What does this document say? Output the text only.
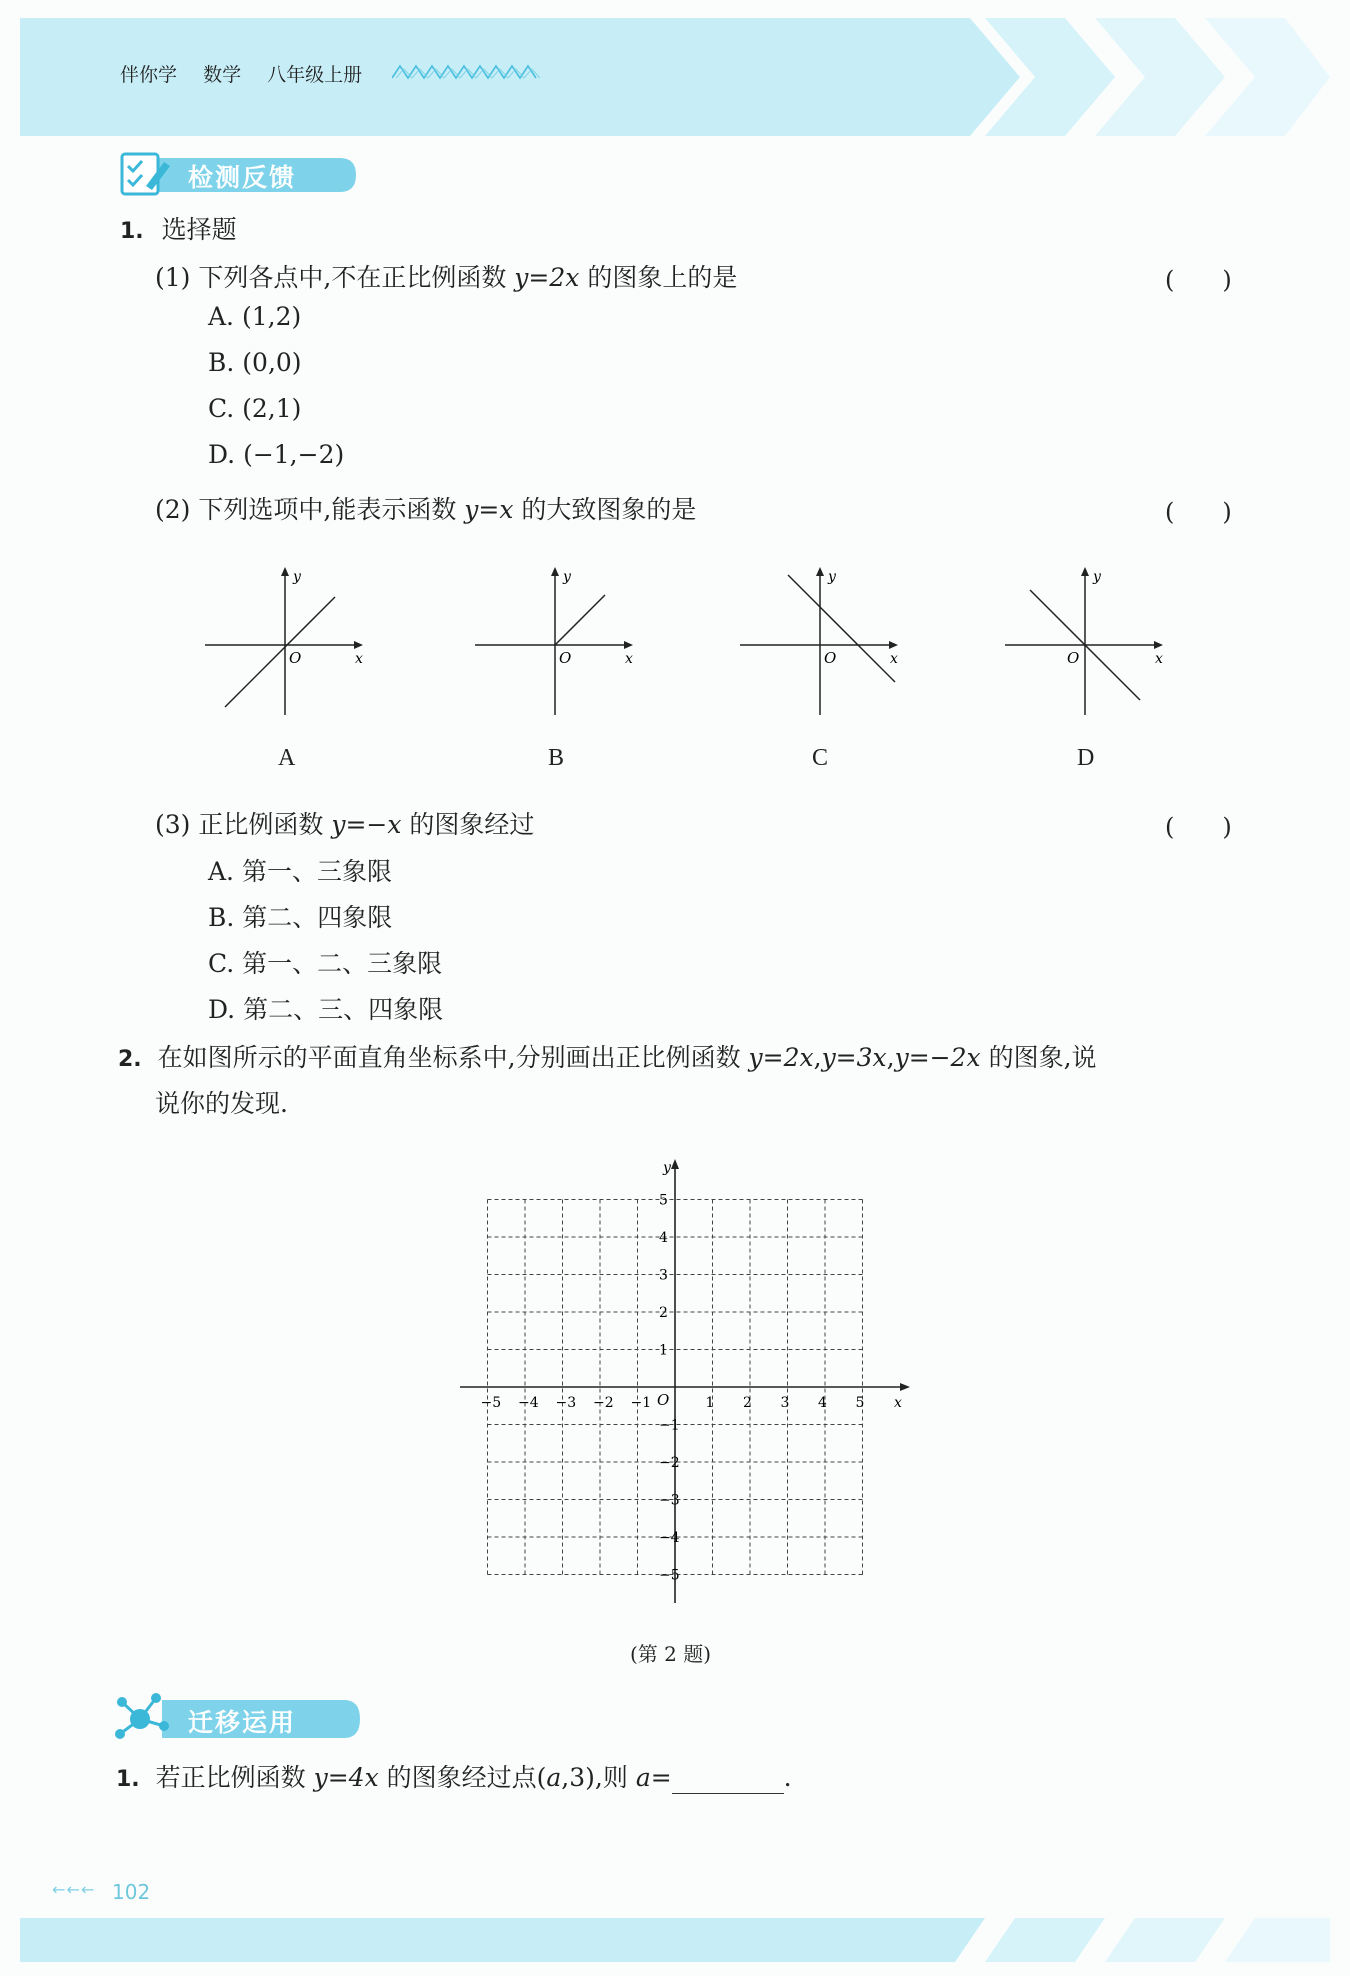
伴你学 数学 八年级上册
检测反馈
1. 选择题
(1) 下列各点中,不在正比例函数 y=2x 的图象上的是	(　　)
A. (1,2)
B. (0,0)
C. (2,1)
D. (−1,−2)
(2) 下列选项中,能表示函数 y=x 的大致图象的是	(　　)
y
x
O
A
y
x
O
B
y
x
O
C
y
x
O
D
(3) 正比例函数 y=−x 的图象经过	(　　)
A. 第一、三象限
B. 第二、四象限
C. 第一、二、三象限
D. 第二、三、四象限
2. 在如图所示的平面直角坐标系中,分别画出正比例函数 y=2x,y=3x,y=−2x 的图象,说
说你的发现.
y
x
O
−5 −4 −3 −2 −1	1 2 3 4 5
5
4
3
2
1
−1
−2
−3
−4
−5
(第 2 题)
迁移运用
1. 若正比例函数 y=4x 的图象经过点(a,3),则 a=	.
← ← ← 102
